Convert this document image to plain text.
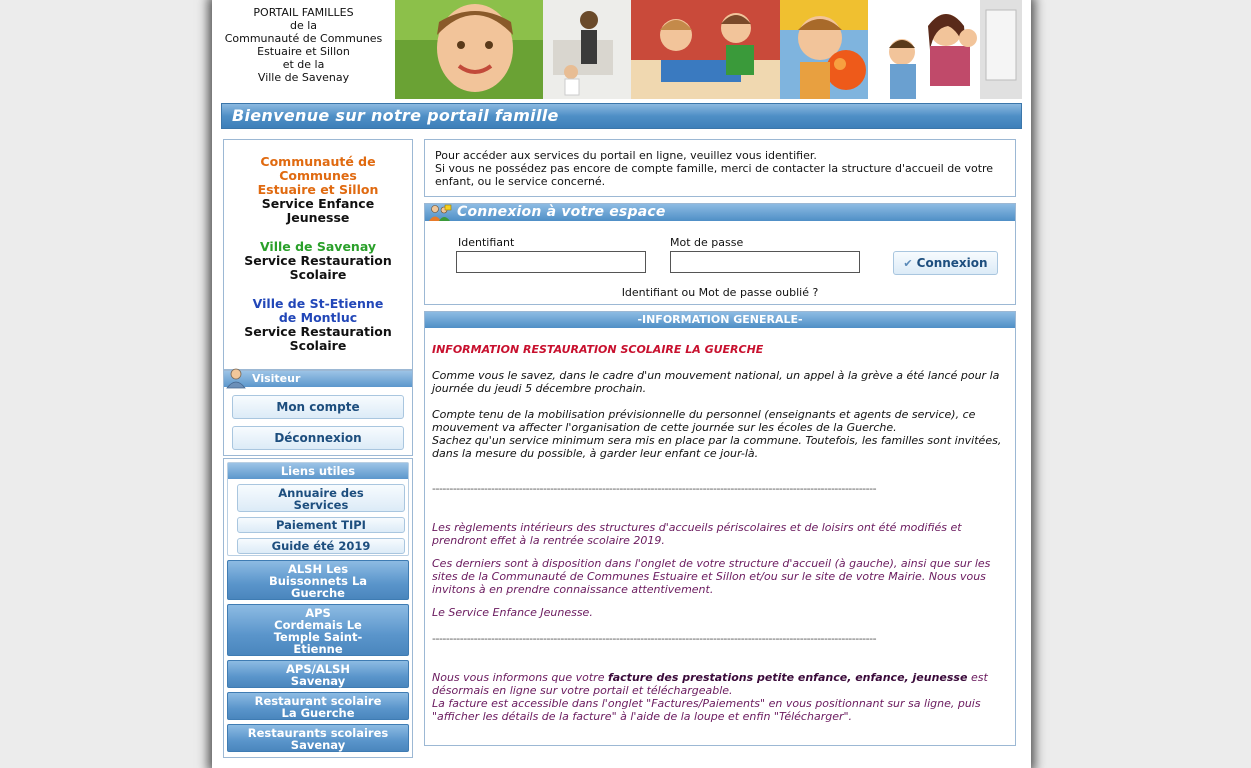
PORTAIL FAMILLES
de la
Communauté de Communes
Estuaire et Sillon
et de la
Ville de Savenay
Bienvenue sur notre portail famille
Communauté de Communes Estuaire et Sillon
Service Enfance Jeunesse
Ville de Savenay
Service Restauration Scolaire
Ville de St-Etienne de Montluc
Service Restauration Scolaire
Visiteur
Mon compte
Déconnexion
Liens utiles
Annuaire des Services
Paiement TIPI
Guide été 2019
ALSH Les Buissonnets La Guerche
APS Cordemais Le Temple Saint-Etienne
APS/ALSH Savenay
Restaurant scolaire La Guerche
Restaurants scolaires Savenay
Pour accéder aux services du portail en ligne, veuillez vous identifier.
Si vous ne possédez pas encore de compte famille, merci de contacter la structure d'accueil de votre enfant, ou le service concerné.
Connexion à votre espace
Identifiant	Mot de passe
✔ Connexion
Identifiant ou Mot de passe oublié ?
-INFORMATION GENERALE-

INFORMATION RESTAURATION SCOLAIRE LA GUERCHE

Comme vous le savez, dans le cadre d'un mouvement national, un appel à la grève a été lancé pour la journée du jeudi 5 décembre prochain.

Compte tenu de la mobilisation prévisionnelle du personnel (enseignants et agents de service), ce mouvement va affecter l'organisation de cette journée sur les écoles de la Guerche.

Sachez qu'un service minimum sera mis en place par la commune. Toutefois, les familles sont invitées, dans la mesure du possible, à garder leur enfant ce jour-là.

--------------------------------------------------------------------------------------------------------------------------------

Les règlements intérieurs des structures d'accueils périscolaires et de loisirs ont été modifiés et prendront effet à la rentrée scolaire 2019.

Ces derniers sont à disposition dans l'onglet de votre structure d'accueil (à gauche), ainsi que sur les sites de la Communauté de Communes Estuaire et Sillon et/ou sur le site de votre Mairie. Nous vous invitons à en prendre connaissance attentivement.

Le Service Enfance Jeunesse.

--------------------------------------------------------------------------------------------------------------------------------

Nous vous informons que votre facture des prestations petite enfance, enfance, jeunesse est désormais en ligne sur votre portail et téléchargeable.

La facture est accessible dans l'onglet "Factures/Paiements" en vous positionnant sur sa ligne, puis "afficher les détails de la facture" à l'aide de la loupe et enfin "Télécharger".
